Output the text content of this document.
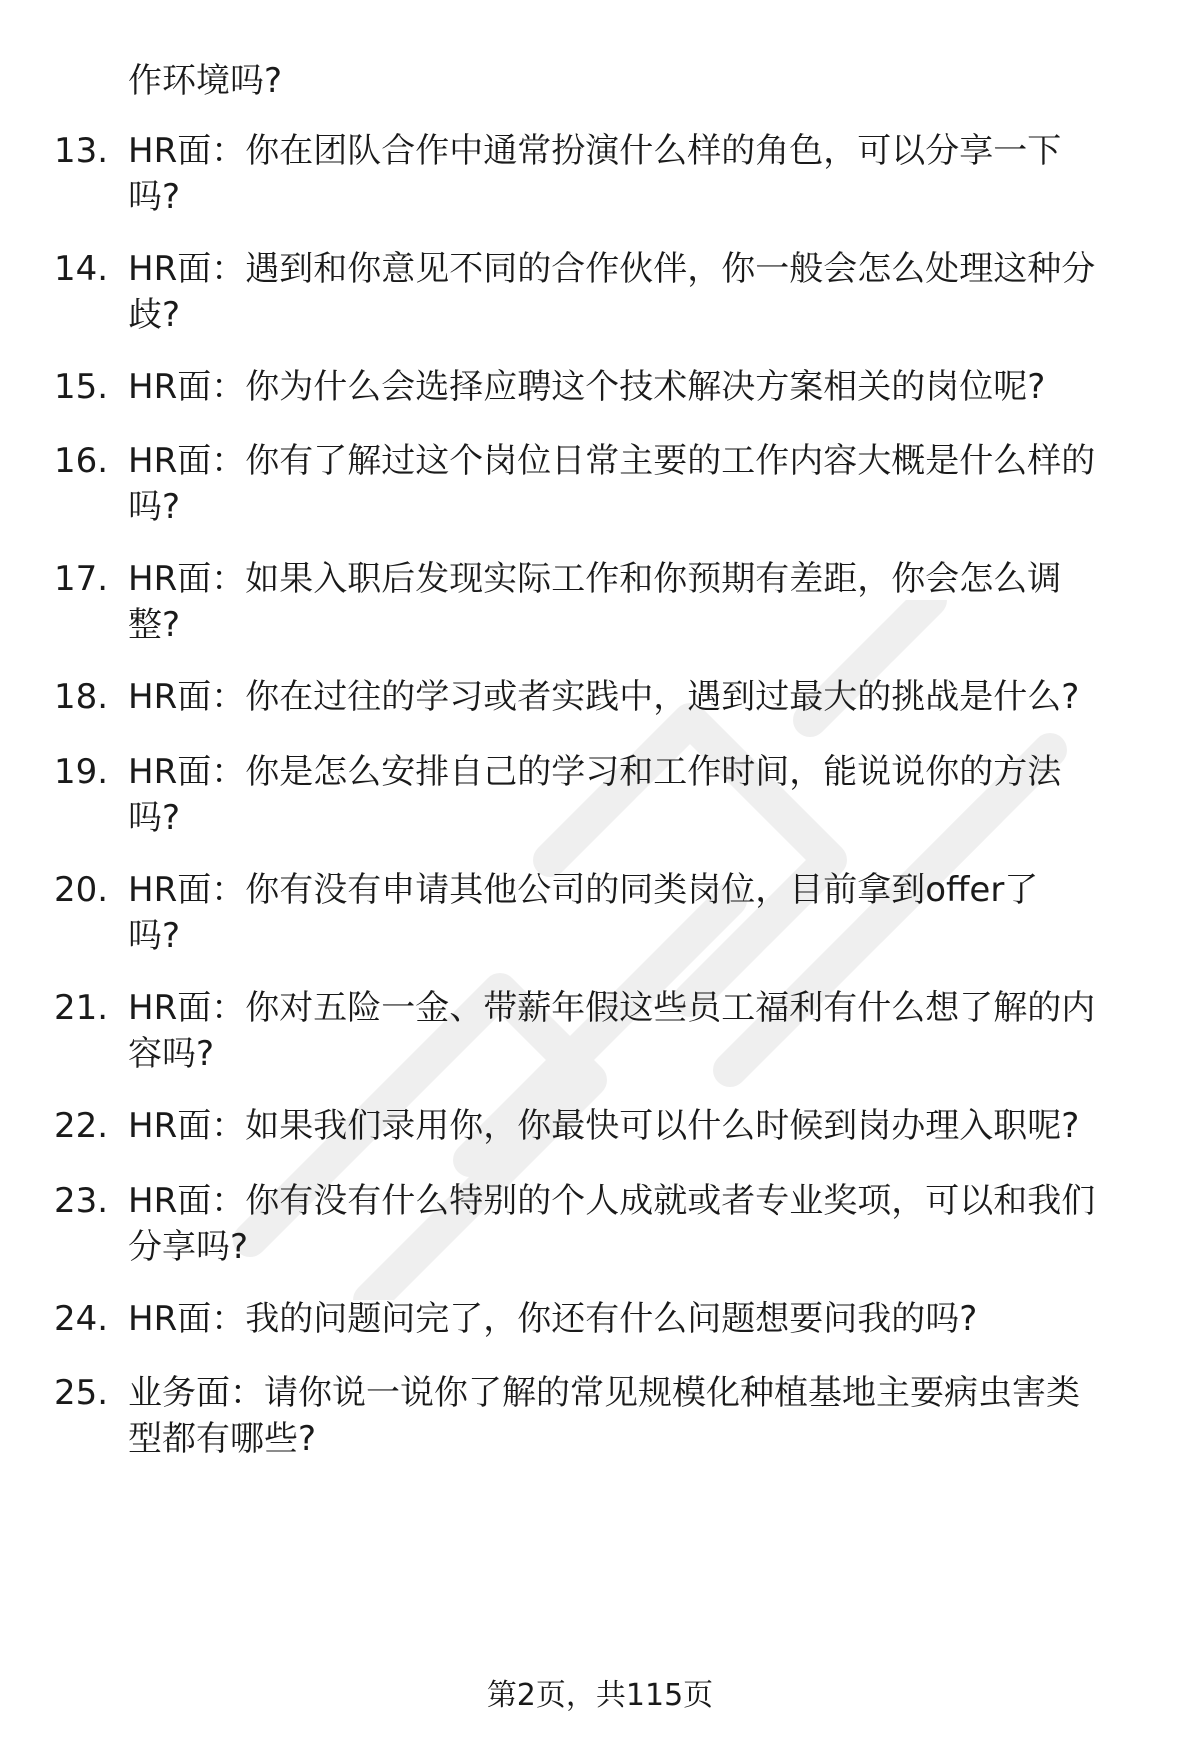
作环境吗?
13. HR面：你在团队合作中通常扮演什么样的角色，可以分享一下
吗?
14. HR面：遇到和你意见不同的合作伙伴，你一般会怎么处理这种分
歧?
15. HR面：你为什么会选择应聘这个技术解决方案相关的岗位呢?
16. HR面：你有了解过这个岗位日常主要的工作内容大概是什么样的
吗?
17. HR面：如果入职后发现实际工作和你预期有差距，你会怎么调
整?
18. HR面：你在过往的学习或者实践中，遇到过最大的挑战是什么?
19. HR面：你是怎么安排自己的学习和工作时间，能说说你的方法
吗?
20. HR面：你有没有申请其他公司的同类岗位，目前拿到offer了
吗?
21. HR面：你对五险一金、带薪年假这些员工福利有什么想了解的内
容吗?
22. HR面：如果我们录用你，你最快可以什么时候到岗办理入职呢?
23. HR面：你有没有什么特别的个人成就或者专业奖项，可以和我们
分享吗?
24. HR面：我的问题问完了，你还有什么问题想要问我的吗?
25. 业务面：请你说一说你了解的常见规模化种植基地主要病虫害类
型都有哪些?
第2页，共115页
